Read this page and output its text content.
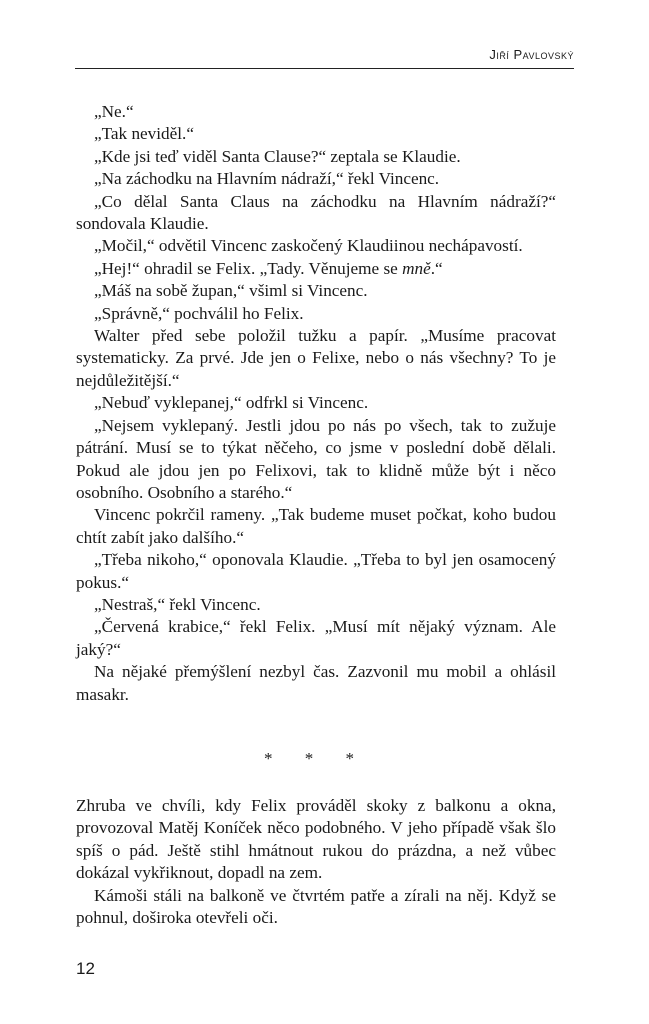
Jiří Pavlovský

„Ne.“

„Tak neviděl.“

„Kde jsi teď viděl Santa Clause?“ zeptala se Klaudie.

„Na záchodku na Hlavním nádraží,“ řekl Vincenc.

„Co dělal Santa Claus na záchodku na Hlavním nádraží?“ sondovala Klaudie.

„Močil,“ odvětil Vincenc zaskočený Klaudiinou nechápavostí.

„Hej!“ ohradil se Felix. „Tady. Věnujeme se mně.“

„Máš na sobě župan,“ všiml si Vincenc.

„Správně,“ pochválil ho Felix.

Walter před sebe položil tužku a papír. „Musíme pracovat systematicky. Za prvé. Jde jen o Felixe, nebo o nás všechny? To je nejdůležitější.“

„Nebuď vyklepanej,“ odfrkl si Vincenc.

„Nejsem vyklepaný. Jestli jdou po nás po všech, tak to zužuje pátrání. Musí se to týkat něčeho, co jsme v poslední době dělali. Pokud ale jdou jen po Felixovi, tak to klidně může být i něco osobního. Osobního a starého.“

Vincenc pokrčil rameny. „Tak budeme muset počkat, koho budou chtít zabít jako dalšího.“

„Třeba nikoho,“ oponovala Klaudie. „Třeba to byl jen osamocený pokus.“

„Nestraš,“ řekl Vincenc.

„Červená krabice,“ řekl Felix. „Musí mít nějaký význam. Ale jaký?“

Na nějaké přemýšlení nezbyl čas. Zazvonil mu mobil a ohlásil masakr.

* * *

Zhruba ve chvíli, kdy Felix prováděl skoky z balkonu a okna, provozoval Matěj Koníček něco podobného. V jeho případě však šlo spíš o pád. Ještě stihl hmátnout rukou do prázdna, a než vůbec dokázal vykřiknout, dopadl na zem.

Kámoši stáli na balkoně ve čtvrtém patře a zírali na něj. Když se pohnul, doširoka otevřeli oči.

12
